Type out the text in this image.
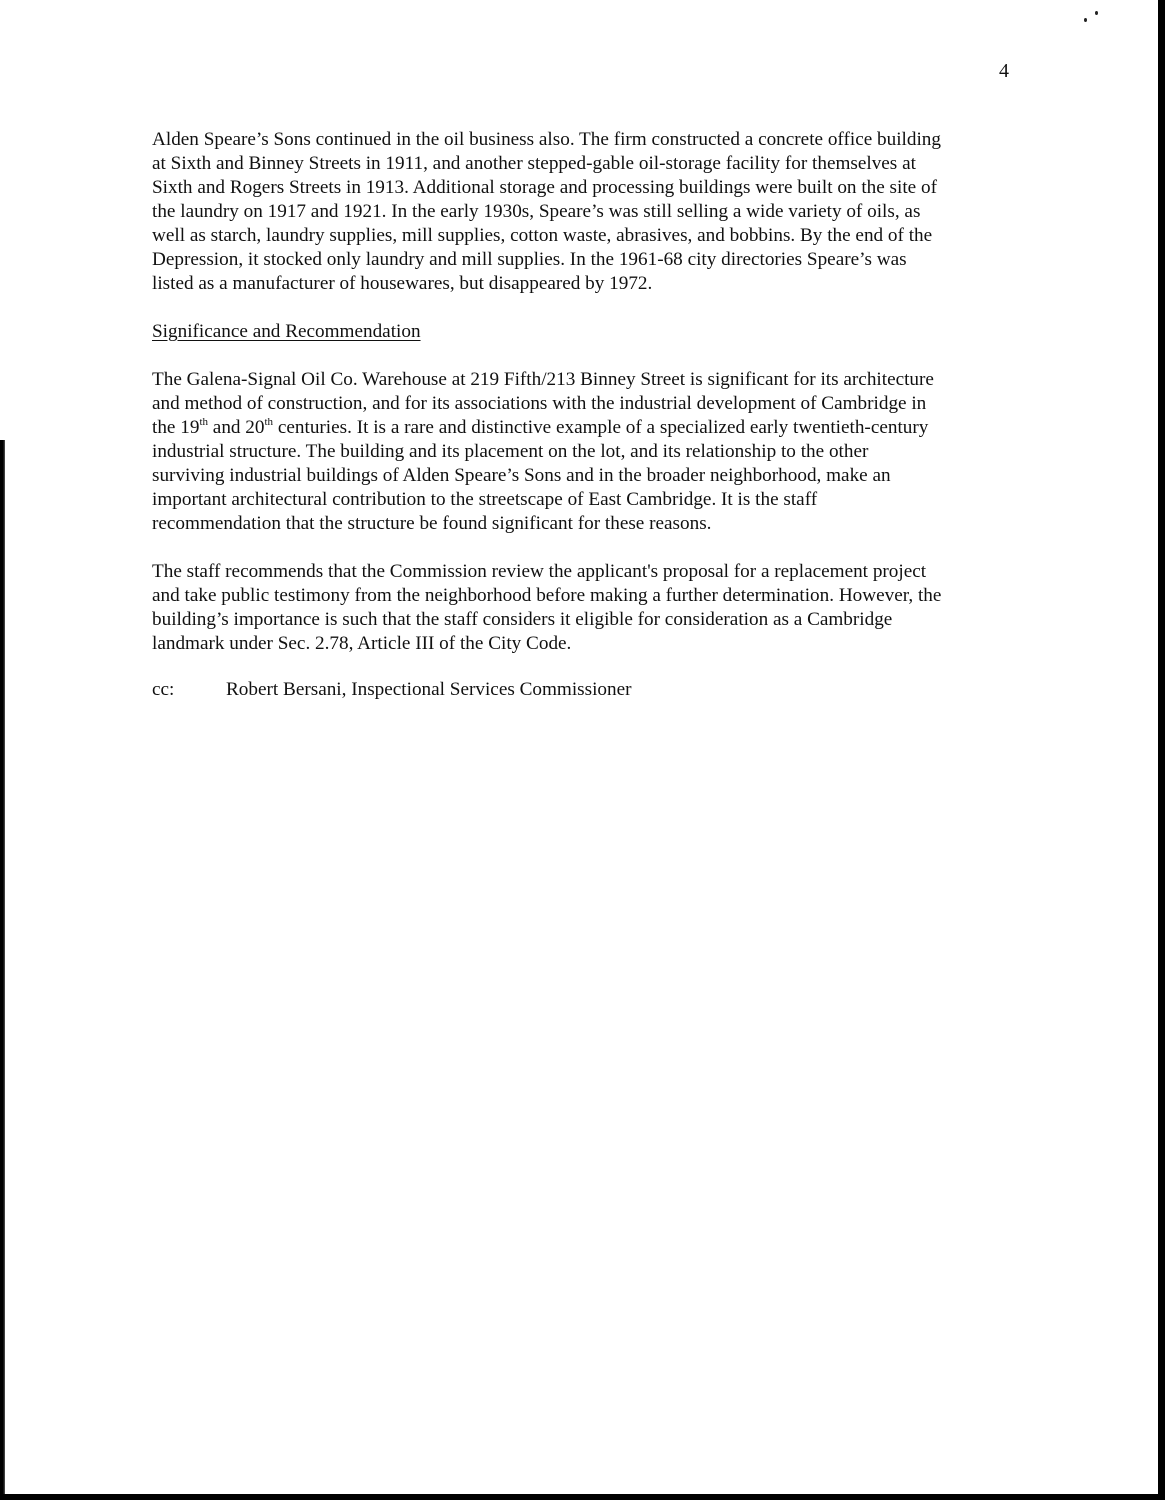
4
Alden Speare’s Sons continued in the oil business also. The firm constructed a concrete office building
at Sixth and Binney Streets in 1911, and another stepped-gable oil-storage facility for themselves at
Sixth and Rogers Streets in 1913. Additional storage and processing buildings were built on the site of
the laundry on 1917 and 1921. In the early 1930s, Speare’s was still selling a wide variety of oils, as
well as starch, laundry supplies, mill supplies, cotton waste, abrasives, and bobbins. By the end of the
Depression, it stocked only laundry and mill supplies. In the 1961-68 city directories Speare’s was
listed as a manufacturer of housewares, but disappeared by 1972.
Significance and Recommendation
The Galena-Signal Oil Co. Warehouse at 219 Fifth/213 Binney Street is significant for its architecture
and method of construction, and for its associations with the industrial development of Cambridge in
the 19th and 20th centuries. It is a rare and distinctive example of a specialized early twentieth-century
industrial structure. The building and its placement on the lot, and its relationship to the other
surviving industrial buildings of Alden Speare’s Sons and in the broader neighborhood, make an
important architectural contribution to the streetscape of East Cambridge. It is the staff
recommendation that the structure be found significant for these reasons.
The staff recommends that the Commission review the applicant's proposal for a replacement project
and take public testimony from the neighborhood before making a further determination. However, the
building’s importance is such that the staff considers it eligible for consideration as a Cambridge
landmark under Sec. 2.78, Article III of the City Code.
cc:	Robert Bersani, Inspectional Services Commissioner
